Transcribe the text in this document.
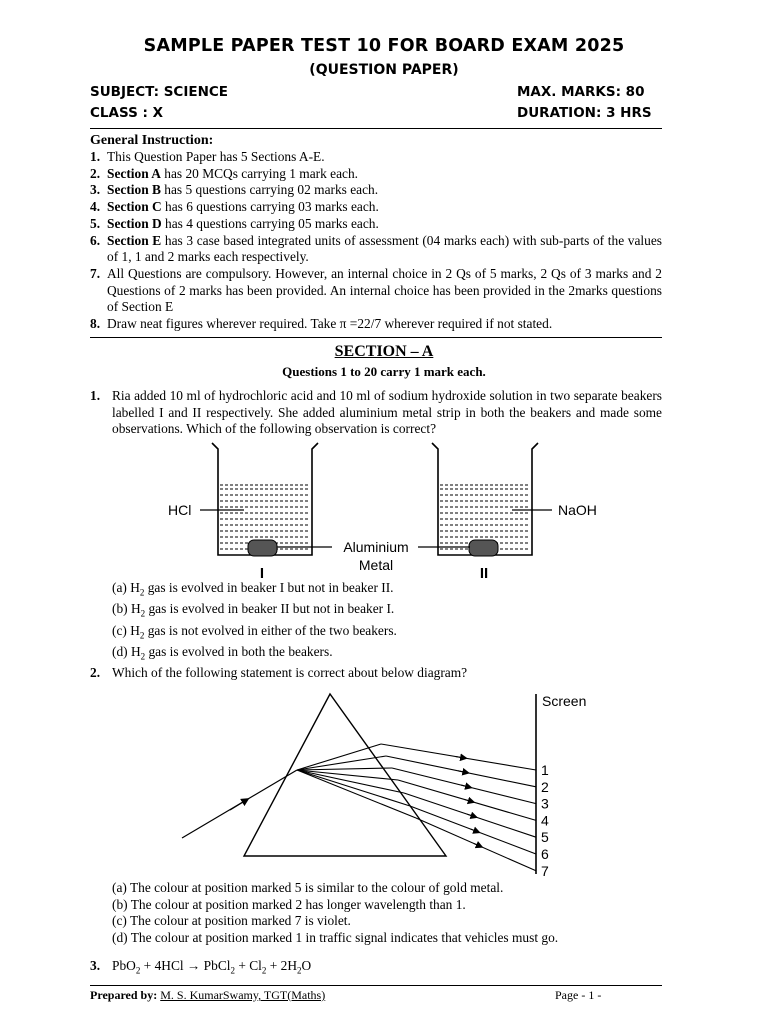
SAMPLE PAPER TEST 10 FOR BOARD EXAM 2025
(QUESTION PAPER)
SUBJECT: SCIENCE
CLASS : X
MAX. MARKS: 80
DURATION: 3 HRS
General Instruction:
1. This Question Paper has 5 Sections A-E.
2. Section A has 20 MCQs carrying 1 mark each.
3. Section B has 5 questions carrying 02 marks each.
4. Section C has 6 questions carrying 03 marks each.
5. Section D has 4 questions carrying 05 marks each.
6. Section E has 3 case based integrated units of assessment (04 marks each) with sub-parts of the values of 1, 1 and 2 marks each respectively.
7. All Questions are compulsory. However, an internal choice in 2 Qs of 5 marks, 2 Qs of 3 marks and 2 Questions of 2 marks has been provided. An internal choice has been provided in the 2marks questions of Section E
8. Draw neat figures wherever required. Take π =22/7 wherever required if not stated.
SECTION – A
Questions 1 to 20 carry 1 mark each.
1. Ria added 10 ml of hydrochloric acid and 10 ml of sodium hydroxide solution in two separate beakers labelled I and II respectively. She added aluminium metal strip in both the beakers and made some observations. Which of the following observation is correct?
HCl	NaOH
Aluminium
Metal
I	II
(a) $H_2$ gas is evolved in beaker I but not in beaker II.
(b) $H_2$ gas is evolved in beaker II but not in beaker I.
(c) $H_2$ gas is not evolved in either of the two beakers.
(d) $H_2$ gas is evolved in both the beakers.
2. Which of the following statement is correct about below diagram?
Screen
1
2
3
4
5
6
7
(a) The colour at position marked 5 is similar to the colour of gold metal.
(b) The colour at position marked 2 has longer wavelength than 1.
(c) The colour at position marked 7 is violet.
(d) The colour at position marked 1 in traffic signal indicates that vehicles must go.
3. PbO$_2$ + 4HCl → PbCl$_2$ + $Cl_2 + 2H_2O$
Prepared by: M. S. KumarSwamy, TGT(Maths)	Page - 1 -
